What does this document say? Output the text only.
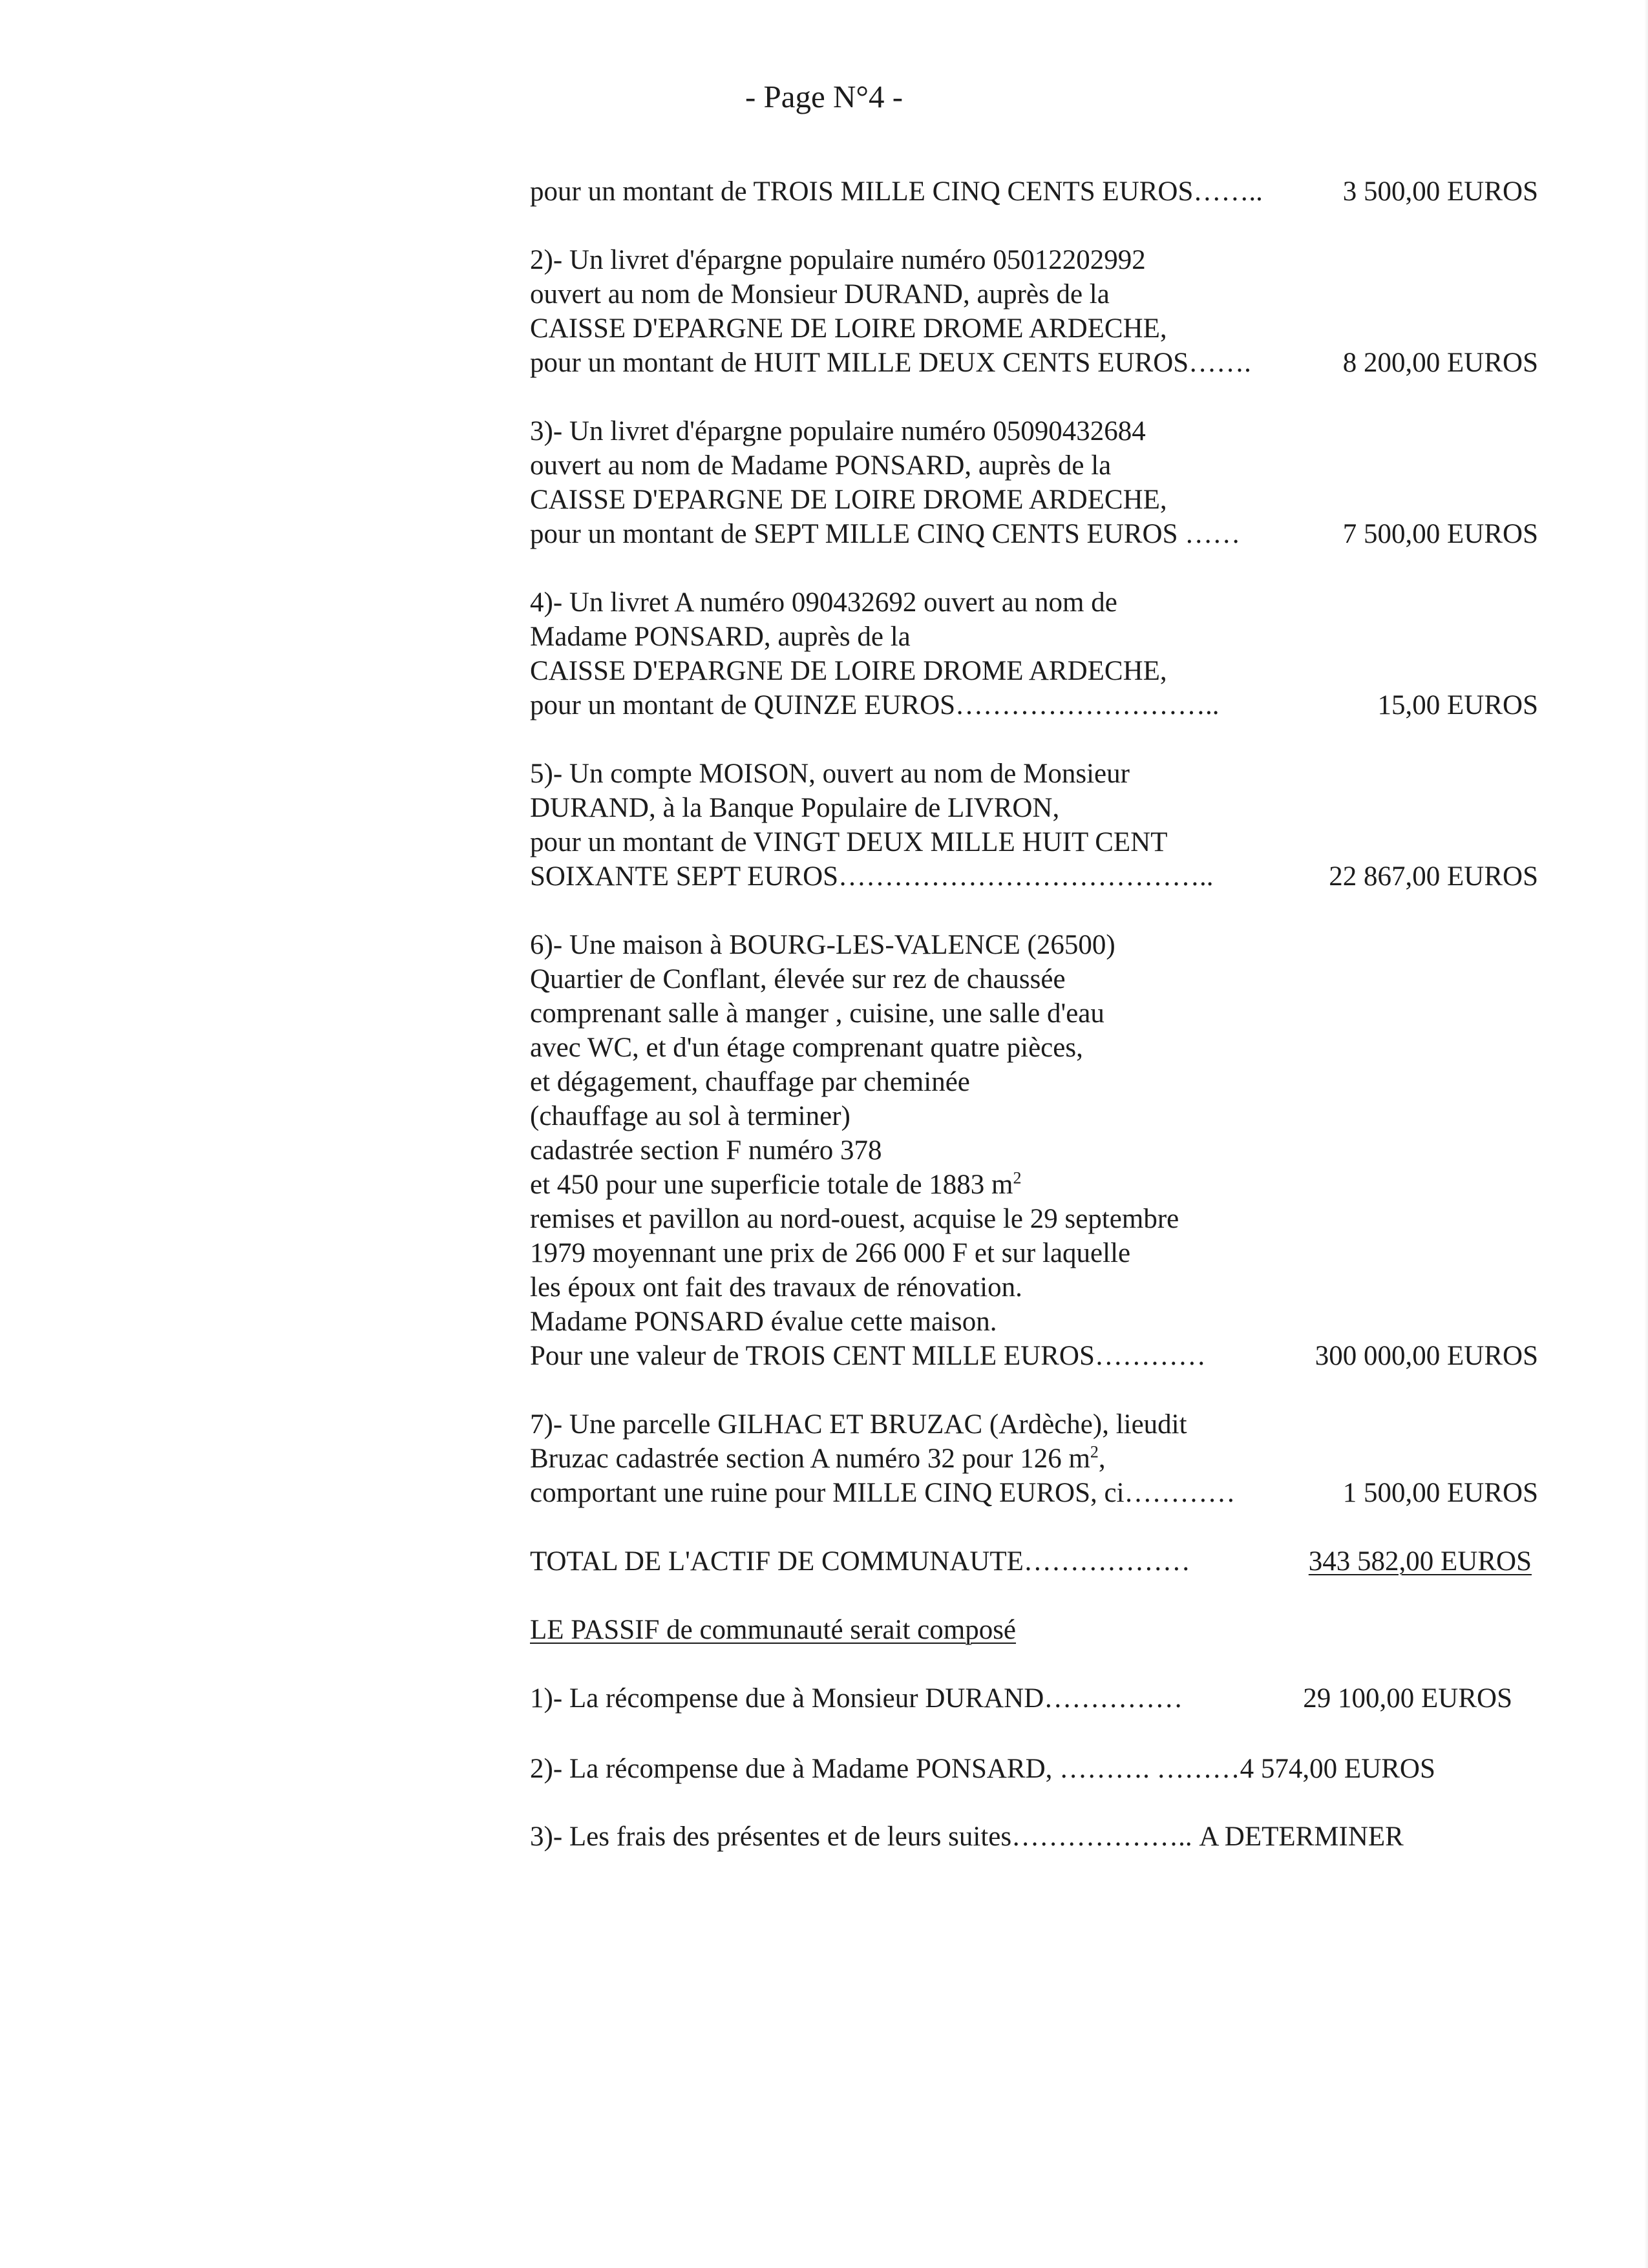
- Page N°4 -
pour un montant de TROIS MILLE CINQ CENTS EUROS……..	3 500,00 EUROS
2)- Un livret d'épargne populaire numéro 05012202992
ouvert au nom de Monsieur DURAND, auprès de la
CAISSE D'EPARGNE DE LOIRE DROME ARDECHE,
pour un montant de HUIT MILLE DEUX CENTS EUROS…….	8 200,00 EUROS
3)- Un livret d'épargne populaire numéro 05090432684
ouvert au nom de Madame PONSARD, auprès de la
CAISSE D'EPARGNE DE LOIRE DROME ARDECHE,
pour un montant de SEPT MILLE CINQ CENTS EUROS ……	7 500,00 EUROS
4)- Un livret A numéro 090432692 ouvert au nom de
Madame PONSARD, auprès de la
CAISSE D'EPARGNE DE LOIRE DROME ARDECHE,
pour un montant de QUINZE EUROS………………………..	15,00 EUROS
5)- Un compte MOISON, ouvert au nom de Monsieur
DURAND, à la Banque Populaire de LIVRON,
pour un montant de VINGT DEUX MILLE HUIT CENT
SOIXANTE SEPT EUROS…………………………………..	22 867,00 EUROS
6)- Une maison à BOURG-LES-VALENCE (26500)
Quartier de Conflant, élevée sur rez de chaussée
comprenant salle à manger , cuisine, une salle d'eau
avec WC, et d'un étage comprenant quatre pièces,
et dégagement, chauffage par cheminée
(chauffage au sol à terminer)
cadastrée section F numéro 378
et 450 pour une superficie totale de 1883 $m^2$
remises et pavillon au nord-ouest, acquise le 29 septembre
1979 moyennant une prix de 266 000 F et sur laquelle
les époux ont fait des travaux de rénovation.
Madame PONSARD évalue cette maison.
Pour une valeur de TROIS CENT MILLE EUROS…………	300 000,00 EUROS
7)- Une parcelle GILHAC ET BRUZAC (Ardèche), lieudit
Bruzac cadastrée section A numéro 32 pour 126 $m^2$,
comportant une ruine pour MILLE CINQ EUROS, ci…………	1 500,00 EUROS
TOTAL DE L'ACTIF DE COMMUNAUTE………………	343 582,00 EUROS
LE PASSIF de communauté serait composé
1)- La récompense due à Monsieur DURAND……………	29 100,00 EUROS
2)- La récompense due à Madame PONSARD, ………. ……… 4 574,00 EUROS
3)- Les frais des présentes et de leurs suites……………….. A DETERMINER
